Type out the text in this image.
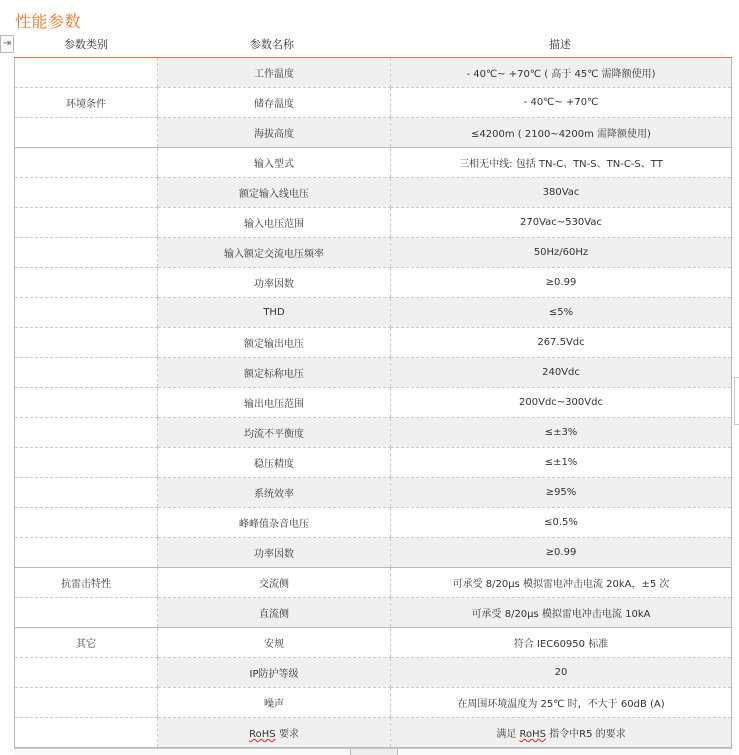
性能参数
⇥	参数类别	参数名称	描述
	工作温度	- 40℃~ +70℃ ( 高于 45℃ 需降额使用)
环境条件	储存温度	- 40℃~ +70℃
	海拔高度	≤4200m ( 2100~4200m 需降额使用)
	输入型式	三相无中线: 包括 TN-C、TN-S、TN-C-S、TT
	额定输入线电压	380Vac
	输入电压范围	270Vac~530Vac
	输入额定交流电压频率	50Hz/60Hz
	功率因数	≥0.99
	THD	≤5%
	额定输出电压	267.5Vdc
	额定标称电压	240Vdc
	输出电压范围	200Vdc~300Vdc
	均流不平衡度	≤±3%
	稳压精度	≤±1%
	系统效率	≥95%
	峰峰值杂音电压	≤0.5%
	功率因数	≥0.99
抗雷击特性	交流侧	可承受 8/20μs 模拟雷电冲击电流 20kA，±5 次
	直流侧	可承受 8/20μs 模拟雷电冲击电流 10kA
其它	安规	符合 IEC60950 标准
	IP防护等级	20
	噪声	在周围环境温度为 25℃ 时，不大于 60dB (A)
	RoHS 要求	满足 RoHS 指令中R5 的要求
